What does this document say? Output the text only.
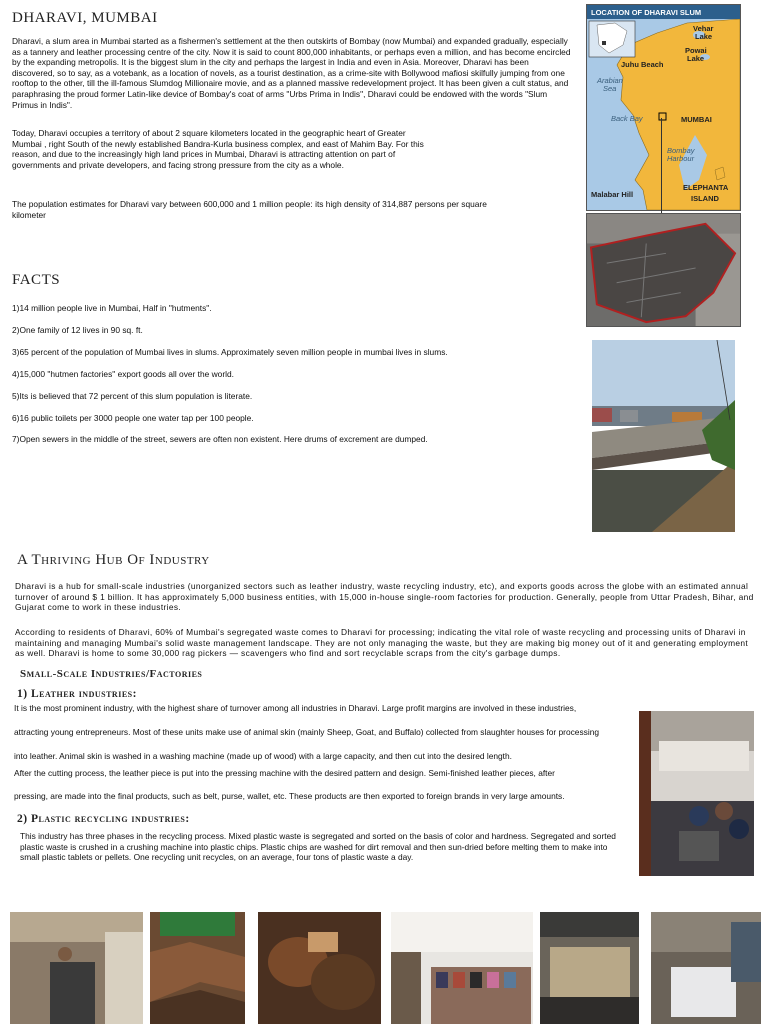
DHARAVI, MUMBAI
Dharavi, a slum area in Mumbai started as a fishermen's settlement at the then outskirts of Bombay (now Mumbai) and expanded gradually, especially as a tannery and leather processing centre of the city. Now it is said to count 800,000 inhabitants, or perhaps even a million, and has become encircled by the expanding metropolis. It is the biggest slum in the city and perhaps the largest in India and even in Asia. Moreover, Dharavi has been discovered, so to say, as a votebank, as a location of novels, as a tourist destination, as a crime-site with Bollywood mafiosi skilfully jumping from one rooftop to the other, till the ill-famous Slumdog Millionaire movie, and as a planned massive redevelopment project. It has been given a cult status, and paraphrasing the proud former Latin-like device of Bombay's coat of arms "Urbs Prima in Indis", Dharavi could be endowed with the words "Slum Primus in Indis".
Today, Dharavi occupies a territory of about 2 square kilometers located in the geographic heart of Greater Mumbai , right South of the newly established Bandra-Kurla business complex, and east of Mahim Bay. For this reason, and due to the increasingly high land prices in Mumbai, Dharavi is attracting attention on part of governments and private developers, and facing strong pressure from the city as a whole.
The population estimates for Dharavi vary between 600,000 and 1 million people: its high density of 314,887 persons per square kilometer
LOCATION OF DHARAVI SLUM
Vehar
Lake
Powai
Lake
Juhu Beach
Arabian
Sea
Back Bay	MUMBAI
Bombay
Harbour
Malabar Hill
ELEPHANTA
ISLAND
FACTS
1)14 million people live in Mumbai, Half in "hutments".
2)One family of 12 lives in 90 sq. ft.
3)65 percent of the population of Mumbai lives in slums. Approximately seven million people in mumbai lives in slums.
4)15,000 "hutmen factories" export goods all over the world.
5)Its is believed that 72 percent of this slum population is literate.
6)16 public toilets per 3000 people one water tap per 100 people.
7)Open sewers in the middle of the street, sewers are often non existent. Here drums of excrement are dumped.
A Thriving Hub Of Industry
Dharavi is a hub for small-scale industries (unorganized sectors such as leather industry, waste recycling industry, etc), and exports goods across the globe with an estimated annual turnover of around $ 1 billion. It has approximately 5,000 business entities, with 15,000 in-house single-room factories for production. Generally, people from Uttar Pradesh, Bihar, and Gujarat come to work in these industries.
According to residents of Dharavi, 60% of Mumbai's segregated waste comes to Dharavi for processing; indicating the vital role of waste recycling and processing units of Dharavi in maintaining and managing Mumbai's solid waste management landscape. They are not only managing the waste, but they are making big money out of it and generating employment as well. Dharavi is home to some 30,000 rag pickers — scavengers who find and sort recyclable scraps from the city's garbage dumps.
Small-Scale Industries/Factories
1) Leather industries:
It is the most prominent industry, with the highest share of turnover among all industries in Dharavi. Large profit margins are involved in these industries,
attracting young entrepreneurs. Most of these units make use of animal skin (mainly Sheep, Goat, and Buffalo) collected from slaughter houses for processing
into leather. Animal skin is washed in a washing machine (made up of wood) with a large capacity, and then cut into the desired length.
After the cutting process, the leather piece is put into the pressing machine with the desired pattern and design. Semi-finished leather pieces, after
pressing, are made into the final products, such as belt, purse, wallet, etc. These products are then exported to foreign brands in very large amounts.
2) Plastic recycling industries:
This industry has three phases in the recycling process. Mixed plastic waste is segregated and sorted on the basis of color and hardness. Segregated and sorted plastic waste is crushed in a crushing machine into plastic chips. Plastic chips are washed for dirt removal and then sun-dried before melting them to make into small plastic tablets or pellets. One recycling unit recycles, on an average, four tons of plastic waste a day.
